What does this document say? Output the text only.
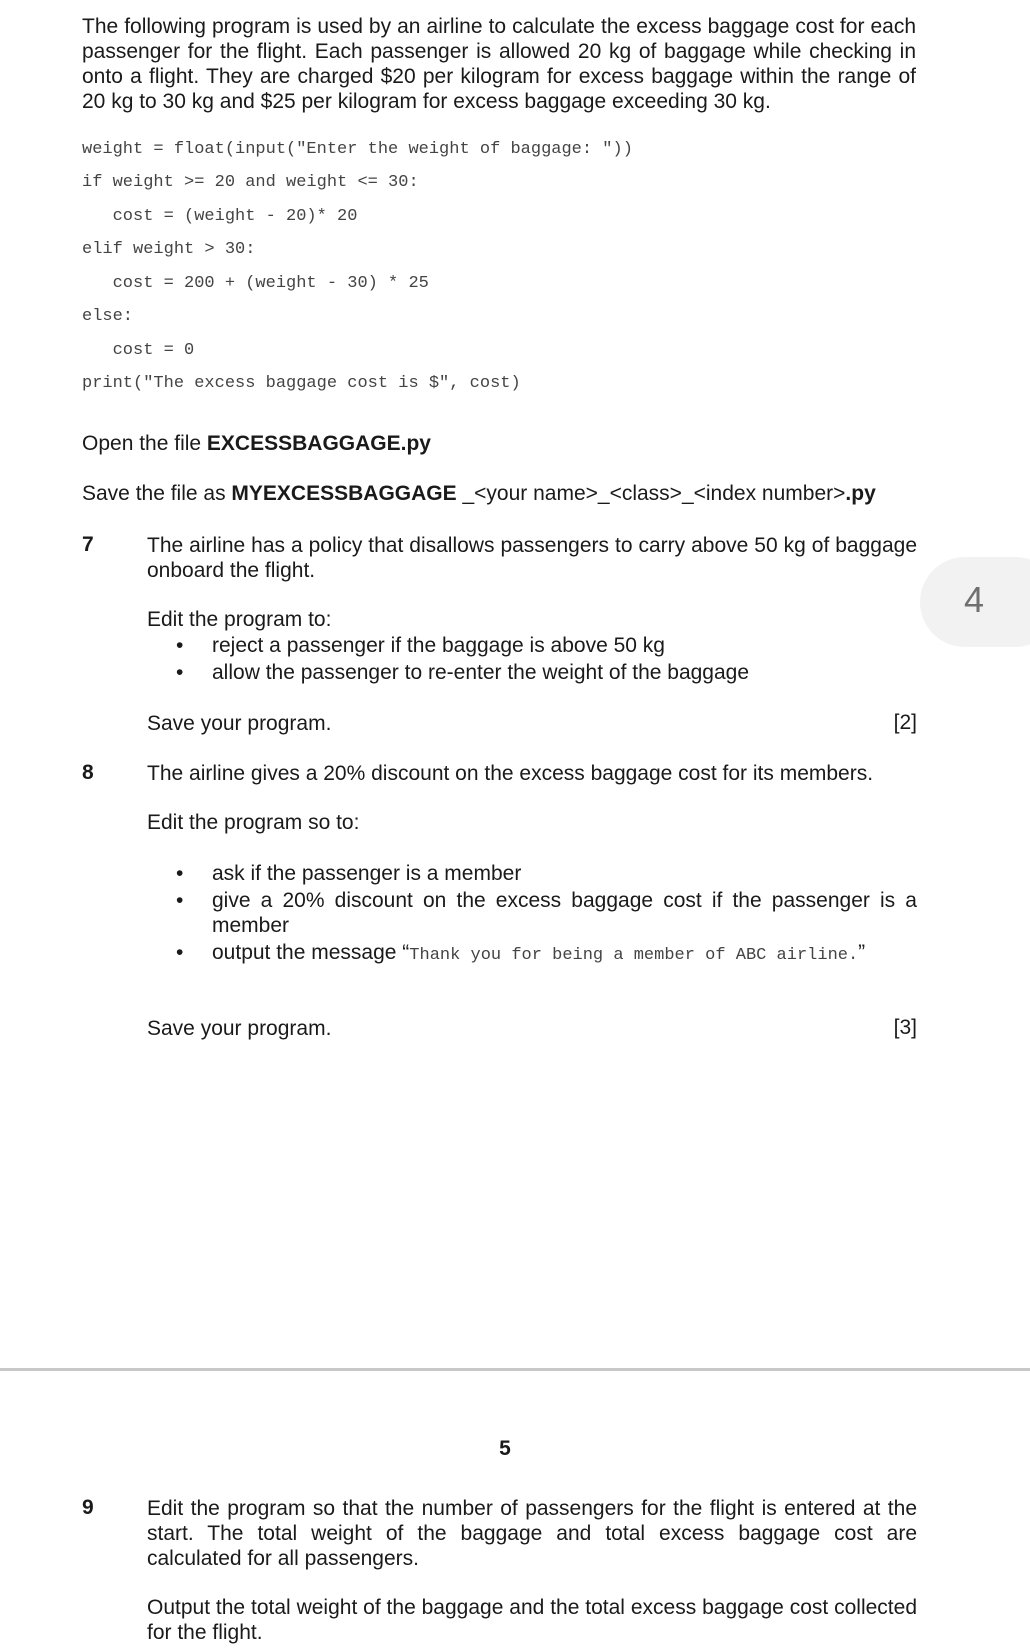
The following program is used by an airline to calculate the excess baggage cost for each passenger for the flight. Each passenger is allowed 20 kg of baggage while checking in onto a flight. They are charged $20 per kilogram for excess baggage within the range of 20 kg to 30 kg and $25 per kilogram for excess baggage exceeding 30 kg.
weight = float(input("Enter the weight of baggage: "))
if weight >= 20 and weight <= 30:
cost = (weight - 20)* 20
elif weight > 30:
cost = 200 + (weight - 30) * 25
else:
cost = 0
print("The excess baggage cost is $", cost)
Open the file EXCESSBAGGAGE.py
Save the file as MYEXCESSBAGGAGE _<your name>_<class>_<index number>.py
4
7	The airline has a policy that disallows passengers to carry above 50 kg of baggage onboard the flight.
Edit the program to:
• reject a passenger if the baggage is above 50 kg
• allow the passenger to re-enter the weight of the baggage
Save your program.	[2]
8	The airline gives a 20% discount on the excess baggage cost for its members.
Edit the program so to:
• ask if the passenger is a member
• give a 20% discount on the excess baggage cost if the passenger is a member
• output the message “Thank you for being a member of ABC airline.”
Save your program.	[3]
5
9	Edit the program so that the number of passengers for the flight is entered at the start. The total weight of the baggage and total excess baggage cost are calculated for all passengers.
Output the total weight of the baggage and the total excess baggage cost collected for the flight.
